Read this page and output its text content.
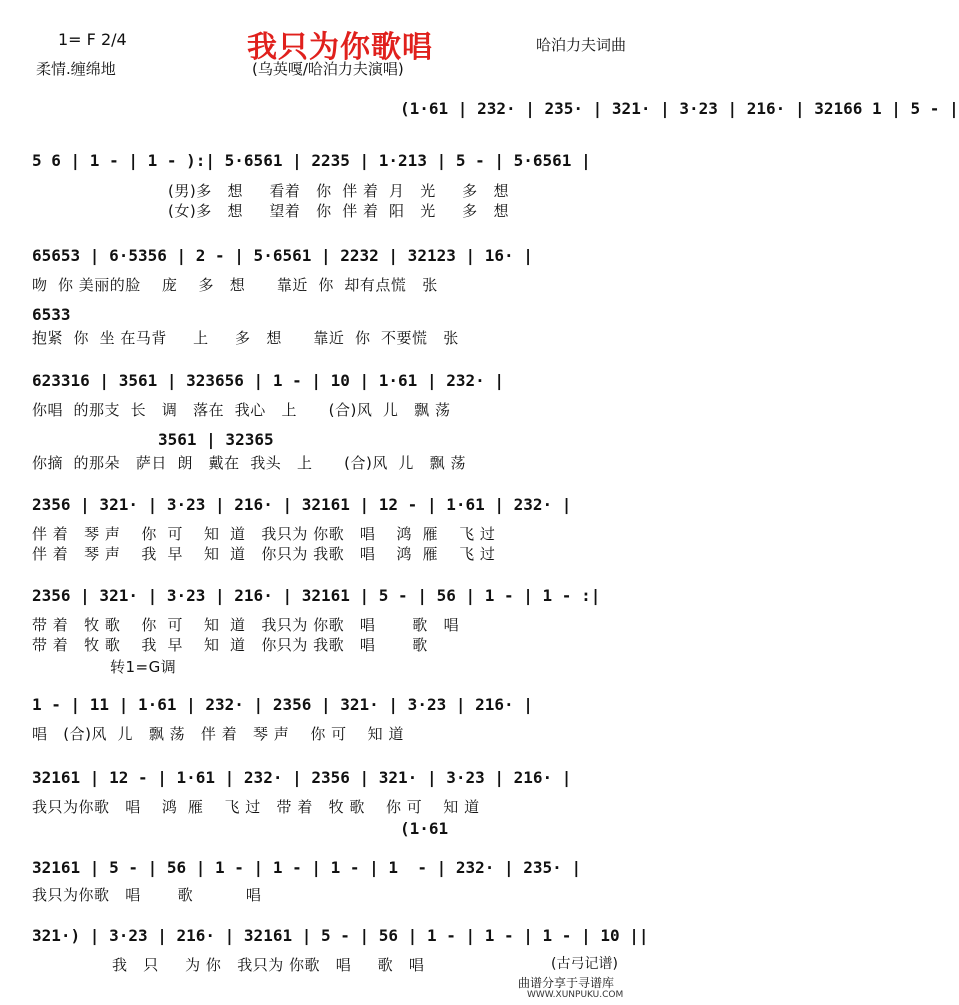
1= F 2/4	我只为你歌唱	哈泊力夫词曲
柔情.缠绵地	(乌英嘎/哈泊力夫演唱)
(1·61 | 232· | 235· | 321· | 3·23 | 216· | 32166 1 | 5 - |
5 6 | 1 - | 1 - ):| 5·6561 | 2235 | 1·213 | 5 - | 5·6561 |
(男)多   想     看着   你  伴 着  月   光     多   想
(女)多   想     望着   你  伴 着  阳   光     多   想
65653 | 6·5356 | 2 - | 5·6561 | 2232 | 32123 | 16· |
吻  你 美丽的脸    庞    多   想      靠近  你  却有点慌   张
6533
抱紧  你  坐 在马背     上     多   想      靠近  你  不要慌   张
623316 | 3561 | 323656 | 1 - | 10 | 1·61 | 232· |
你唱  的那支  长   调   落在  我心   上      (合)风  儿   飘 荡
3561 | 32365
你摘  的那朵   萨日  朗   戴在  我头   上      (合)风  儿   飘 荡
2356 | 321· | 3·23 | 216· | 32161 | 12 - | 1·61 | 232· |
伴 着   琴 声    你  可    知  道   我只为 你歌   唱    鸿  雁    飞 过
伴 着   琴 声    我  早    知  道   你只为 我歌   唱    鸿  雁    飞 过
2356 | 321· | 3·23 | 216· | 32161 | 5 - | 56 | 1 - | 1 - :|
带 着   牧 歌    你  可    知  道   我只为 你歌   唱       歌   唱
带 着   牧 歌    我  早    知  道   你只为 我歌   唱       歌
转1=G调
1 - | 11 | 1·61 | 232· | 2356 | 321· | 3·23 | 216· |
唱   (合)风  儿   飘 荡   伴 着   琴 声    你 可    知 道
32161 | 12 - | 1·61 | 232· | 2356 | 321· | 3·23 | 216· |
我只为你歌   唱    鸿  雁    飞 过   带 着   牧 歌    你 可    知 道
(1·61
32161 | 5 - | 56 | 1 - | 1 - | 1 - | 1  - | 232· | 235· |
我只为你歌   唱       歌          唱
321·) | 3·23 | 216· | 32161 | 5 - | 56 | 1 - | 1 - | 1 - | 10 ||
我   只     为 你   我只为 你歌   唱     歌   唱	(古弓记谱)
曲谱分享于寻谱库
WWW.XUNPUKU.COM
